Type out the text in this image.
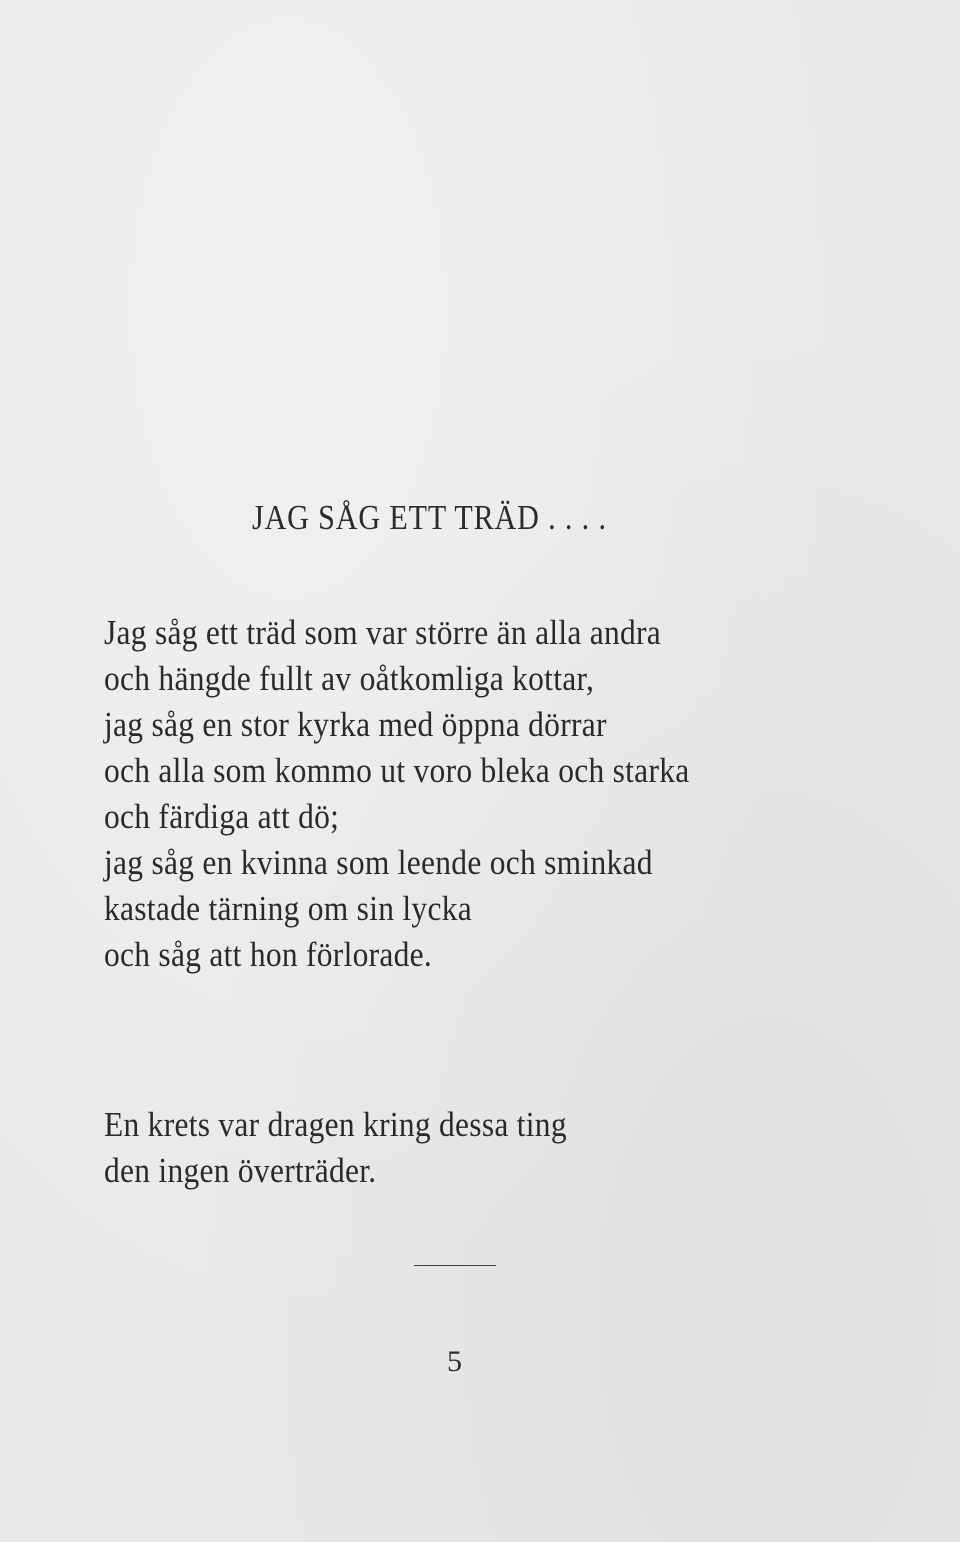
JAG SÅG ETT TRÄD . . . .
Jag såg ett träd som var större än alla andra
och hängde fullt av oåtkomliga kottar,
jag såg en stor kyrka med öppna dörrar
och alla som kommo ut voro bleka och starka
och färdiga att dö;
jag såg en kvinna som leende och sminkad
kastade tärning om sin lycka
och såg att hon förlorade.
En krets var dragen kring dessa ting
den ingen överträder.
5
